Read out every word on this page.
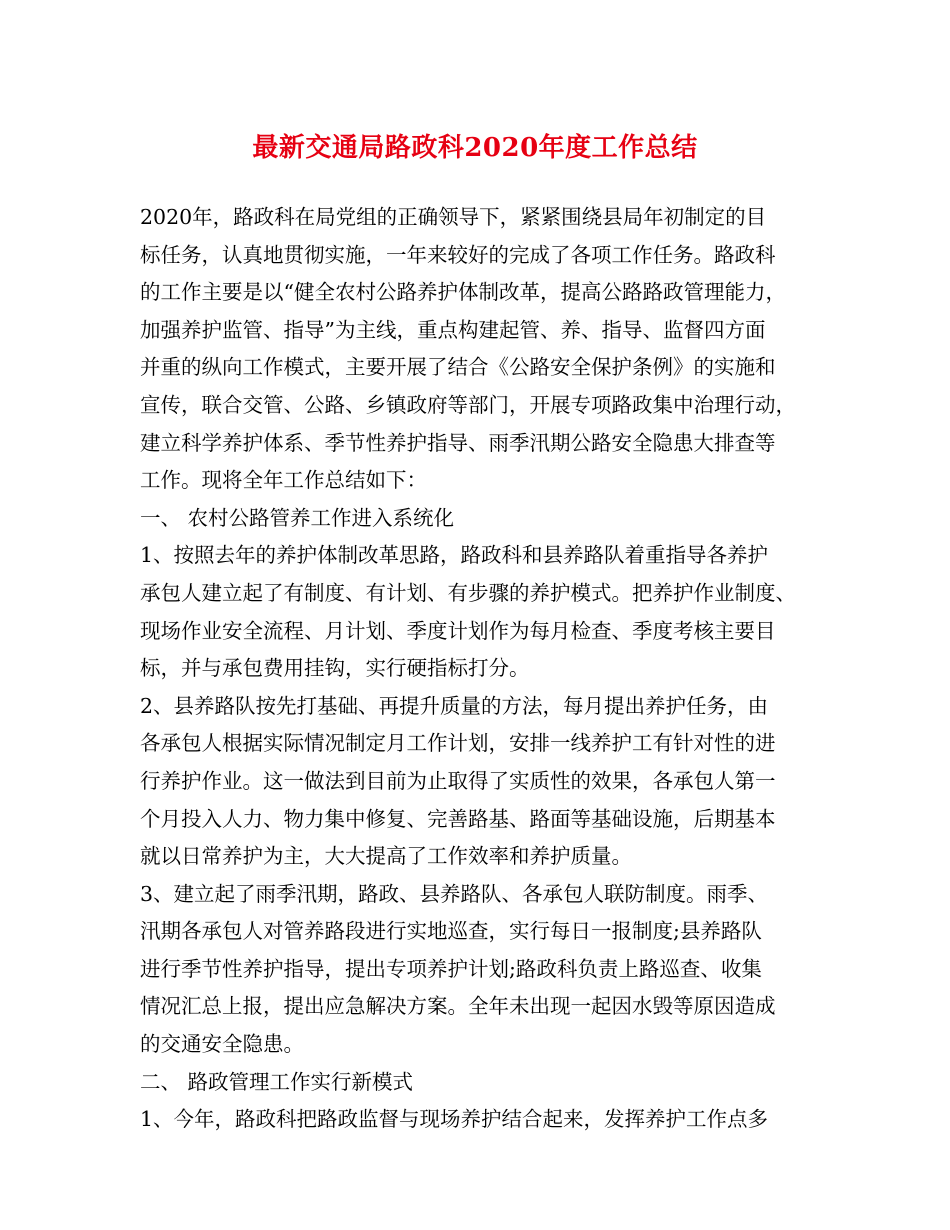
最新交通局路政科2020年度工作总结
2020年，路政科在局党组的正确领导下，紧紧围绕县局年初制定的目
标任务，认真地贯彻实施，一年来较好的完成了各项工作任务。路政科
的工作主要是以“健全农村公路养护体制改革，提高公路路政管理能力，
加强养护监管、指导”为主线，重点构建起管、养、指导、监督四方面
并重的纵向工作模式，主要开展了结合《公路安全保护条例》的实施和
宣传，联合交管、公路、乡镇政府等部门，开展专项路政集中治理行动，
建立科学养护体系、季节性养护指导、雨季汛期公路安全隐患大排查等
工作。现将全年工作总结如下：
一、 农村公路管养工作进入系统化
1、按照去年的养护体制改革思路，路政科和县养路队着重指导各养护
承包人建立起了有制度、有计划、有步骤的养护模式。把养护作业制度、
现场作业安全流程、月计划、季度计划作为每月检查、季度考核主要目
标，并与承包费用挂钩，实行硬指标打分。
2、县养路队按先打基础、再提升质量的方法，每月提出养护任务，由
各承包人根据实际情况制定月工作计划，安排一线养护工有针对性的进
行养护作业。这一做法到目前为止取得了实质性的效果，各承包人第一
个月投入人力、物力集中修复、完善路基、路面等基础设施，后期基本
就以日常养护为主，大大提高了工作效率和养护质量。
3、建立起了雨季汛期，路政、县养路队、各承包人联防制度。雨季、
汛期各承包人对管养路段进行实地巡查，实行每日一报制度;县养路队
进行季节性养护指导，提出专项养护计划;路政科负责上路巡查、收集
情况汇总上报，提出应急解决方案。全年未出现一起因水毁等原因造成
的交通安全隐患。
二、 路政管理工作实行新模式
1、今年，路政科把路政监督与现场养护结合起来，发挥养护工作点多
